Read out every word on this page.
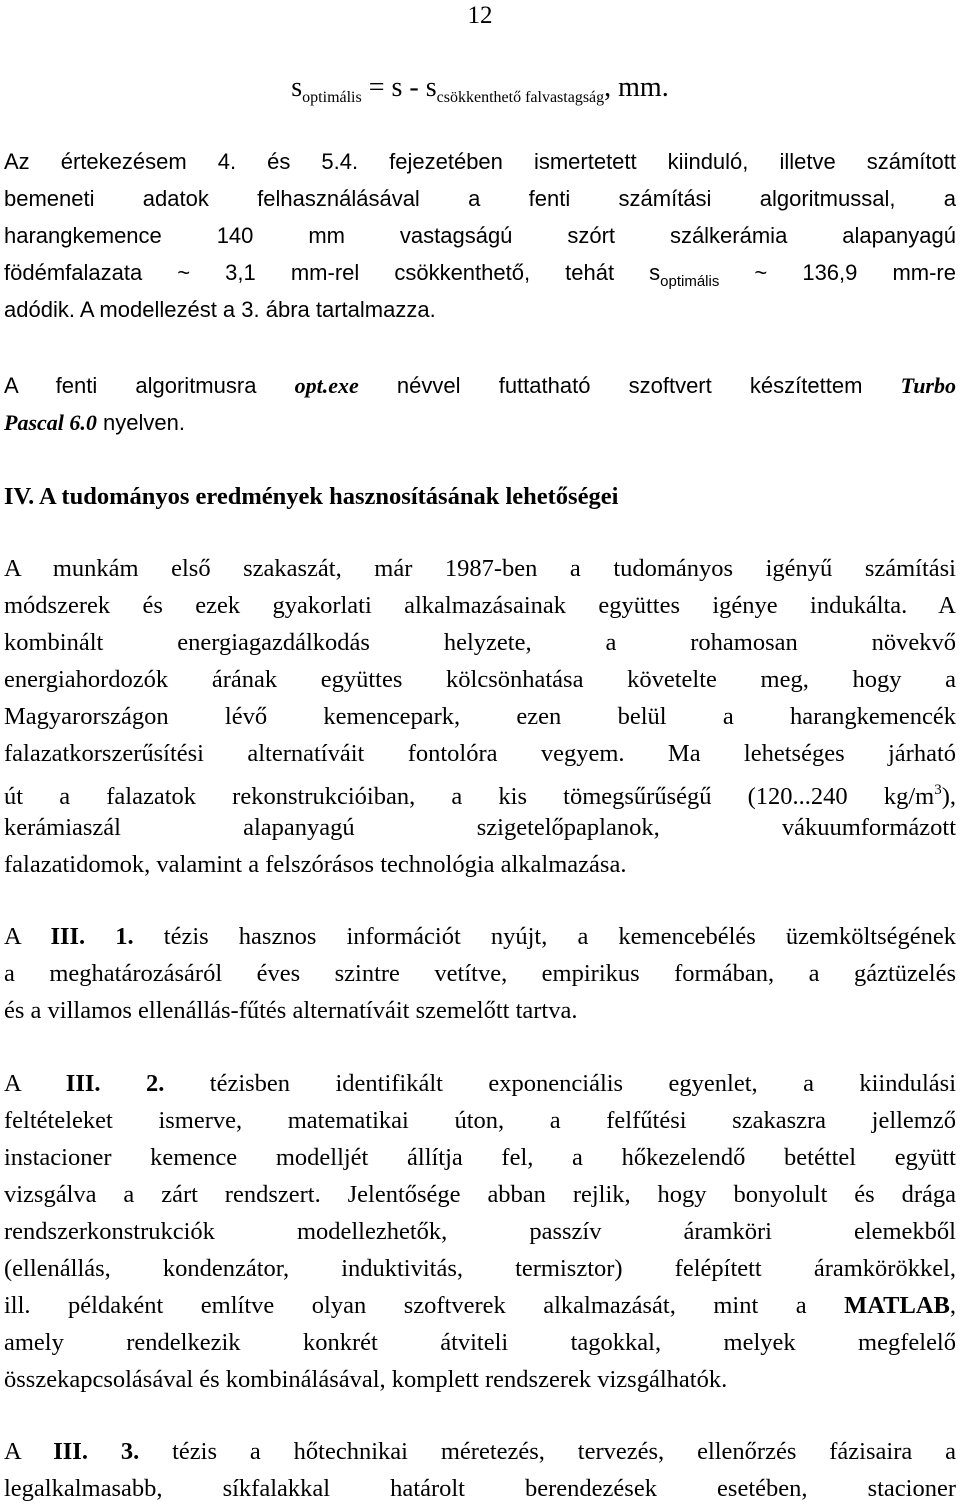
12
$s_{optimális} = s - s_{csökkenthető falvastagság}$, mm.
Az értekezésem 4. és 5.4. fejezetében ismertetett kiinduló, illetve számított
bemeneti adatok felhasználásával a fenti számítási algoritmussal, a
harangkemence 140 mm vastagságú szórt szálkerámia alapanyagú
födémfalazata ~ 3,1 mm-rel csökkenthető, tehát $s_{optimális}$ ~ 136,9 mm-re
adódik. A modellezést a 3. ábra tartalmazza.
A fenti algoritmusra opt.exe névvel futtatható szoftvert készítettem Turbo
Pascal 6.0 nyelven.
IV. A tudományos eredmények hasznosításának lehetőségei
A munkám első szakaszát, már 1987-ben a tudományos igényű számítási
módszerek és ezek gyakorlati alkalmazásainak együttes igénye indukálta. A
kombinált energiagazdálkodás helyzete, a rohamosan növekvő
energiahordozók árának együttes kölcsönhatása követelte meg, hogy a
Magyarországon lévő kemencepark, ezen belül a harangkemencék
falazatkorszerűsítési alternatíváit fontolóra vegyem. Ma lehetséges járható
út a falazatok rekonstrukcióiban, a kis tömegsűrűségű (120...240 $kg/m^3$),
kerámiaszál alapanyagú szigetelőpaplanok, vákuumformázott
falazatidomok, valamint a felszórásos technológia alkalmazása.
A III. 1. tézis hasznos információt nyújt, a kemencebélés üzemköltségének
a meghatározásáról éves szintre vetítve, empirikus formában, a gáztüzelés
és a villamos ellenállás-fűtés alternatíváit szemelőtt tartva.
A III. 2. tézisben identifikált exponenciális egyenlet, a kiindulási
feltételeket ismerve, matematikai úton, a felfűtési szakaszra jellemző
instacioner kemence modelljét állítja fel, a hőkezelendő betéttel együtt
vizsgálva a zárt rendszert. Jelentősége abban rejlik, hogy bonyolult és drága
rendszerkonstrukciók modellezhetők, passzív áramköri elemekből
(ellenállás, kondenzátor, induktivitás, termisztor) felépített áramkörökkel,
ill. példaként említve olyan szoftverek alkalmazását, mint a MATLAB,
amely rendelkezik konkrét átviteli tagokkal, melyek megfelelő
összekapcsolásával és kombinálásával, komplett rendszerek vizsgálhatók.
A III. 3. tézis a hőtechnikai méretezés, tervezés, ellenőrzés fázisaira a
legalkalmasabb, síkfalakkal határolt berendezések esetében, stacioner
